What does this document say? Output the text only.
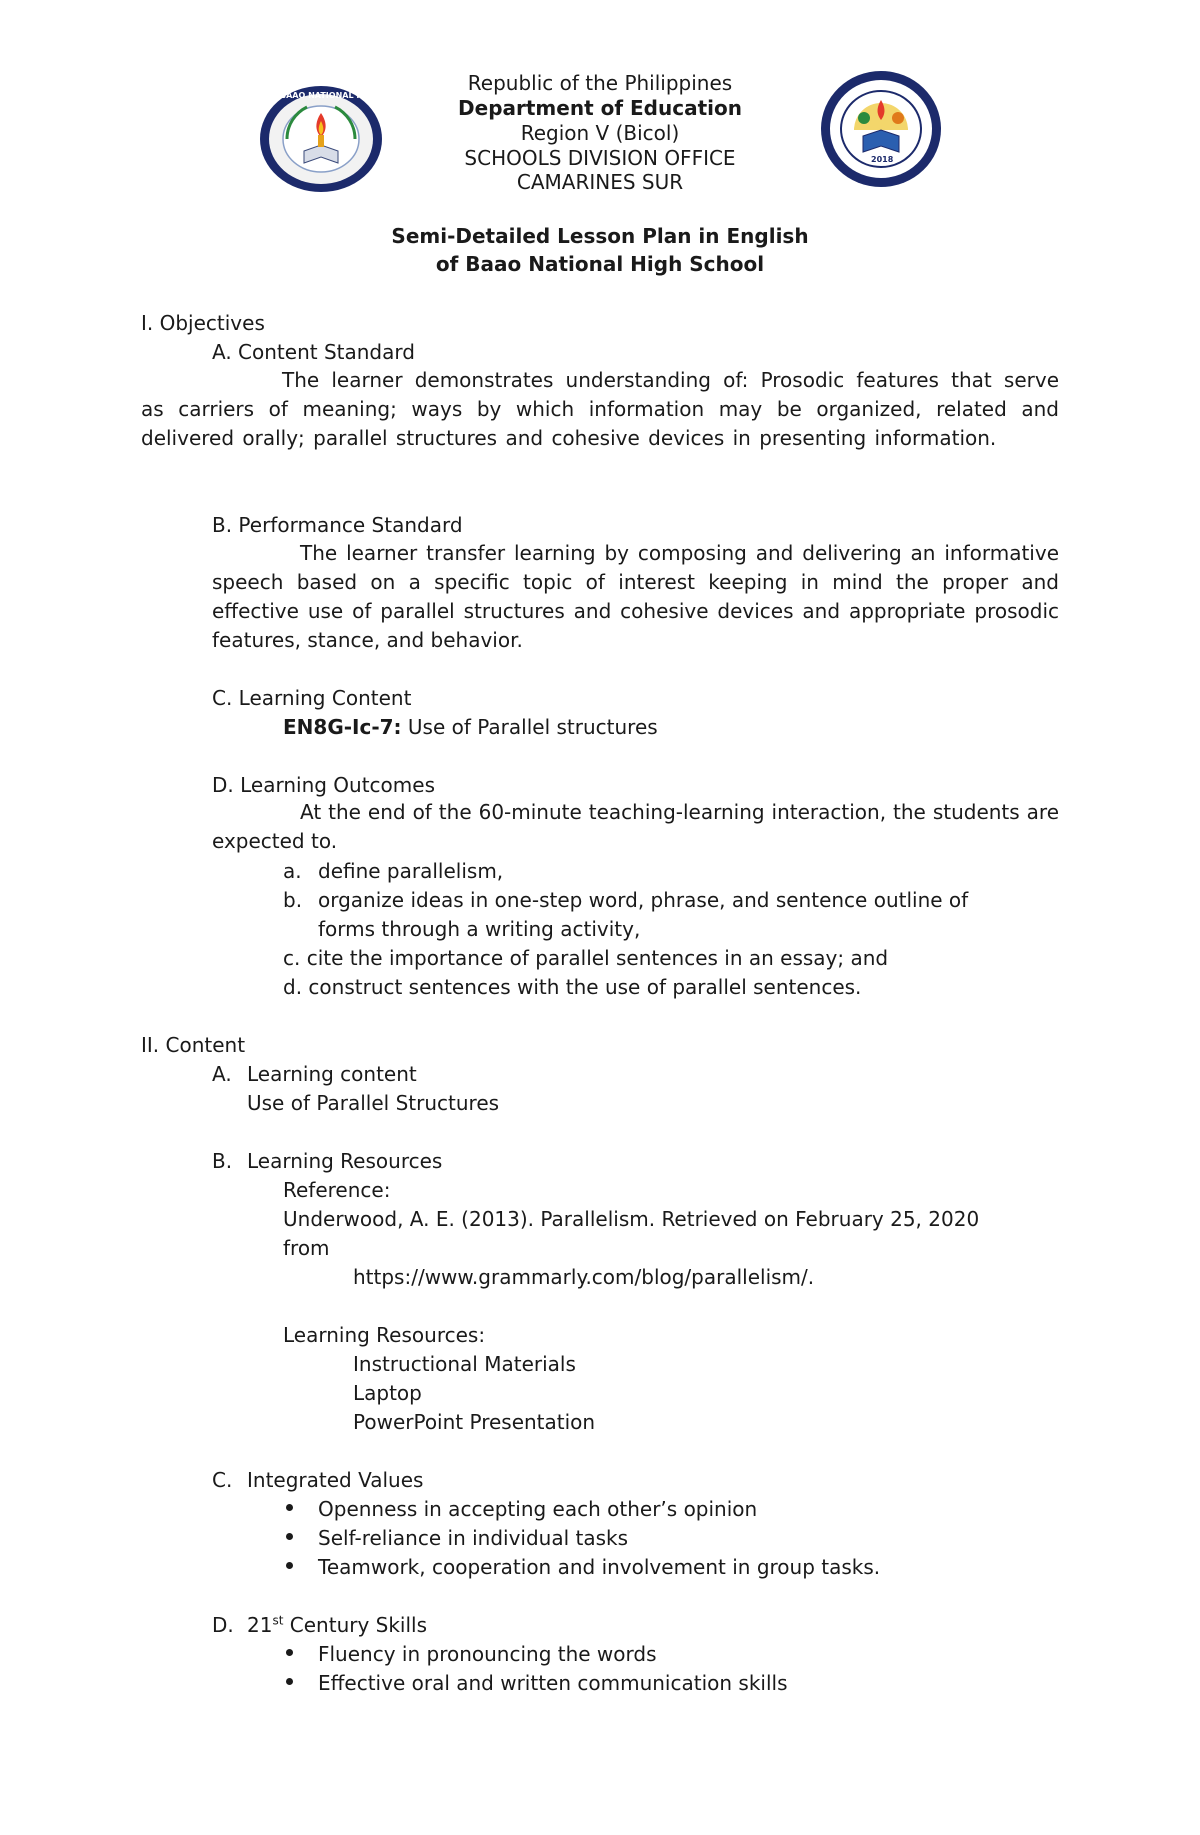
BAAO NATIONAL HIGH SCHOOL
2018
Republic of the Philippines
Department of Education
Region V (Bicol)
SCHOOLS DIVISION OFFICE
CAMARINES SUR
Semi-Detailed Lesson Plan in English
of Baao National High School
I. Objectives
A. Content Standard
The learner demonstrates understanding of: Prosodic features that serve as carriers of meaning; ways by which information may be organized, related and delivered orally; parallel structures and cohesive devices in presenting information.
B. Performance Standard
The learner transfer learning by composing and delivering an informative speech based on a specific topic of interest keeping in mind the proper and effective use of parallel structures and cohesive devices and appropriate prosodic features, stance, and behavior.
C. Learning Content
EN8G-Ic-7: Use of Parallel structures
D. Learning Outcomes
At the end of the 60-minute teaching-learning interaction, the students are expected to.
a. define parallelism,
b. organize ideas in one-step word, phrase, and sentence outline of
forms through a writing activity,
c. cite the importance of parallel sentences in an essay; and
d. construct sentences with the use of parallel sentences.
II. Content
A. Learning content
Use of Parallel Structures
B. Learning Resources
Reference:
Underwood, A. E. (2013). Parallelism. Retrieved on February 25, 2020
from
https://www.grammarly.com/blog/parallelism/.
Learning Resources:
Instructional Materials
Laptop
PowerPoint Presentation
C. Integrated Values
Openness in accepting each other’s opinion
Self-reliance in individual tasks
Teamwork, cooperation and involvement in group tasks.
D. 21st Century Skills
Fluency in pronouncing the words
Effective oral and written communication skills
